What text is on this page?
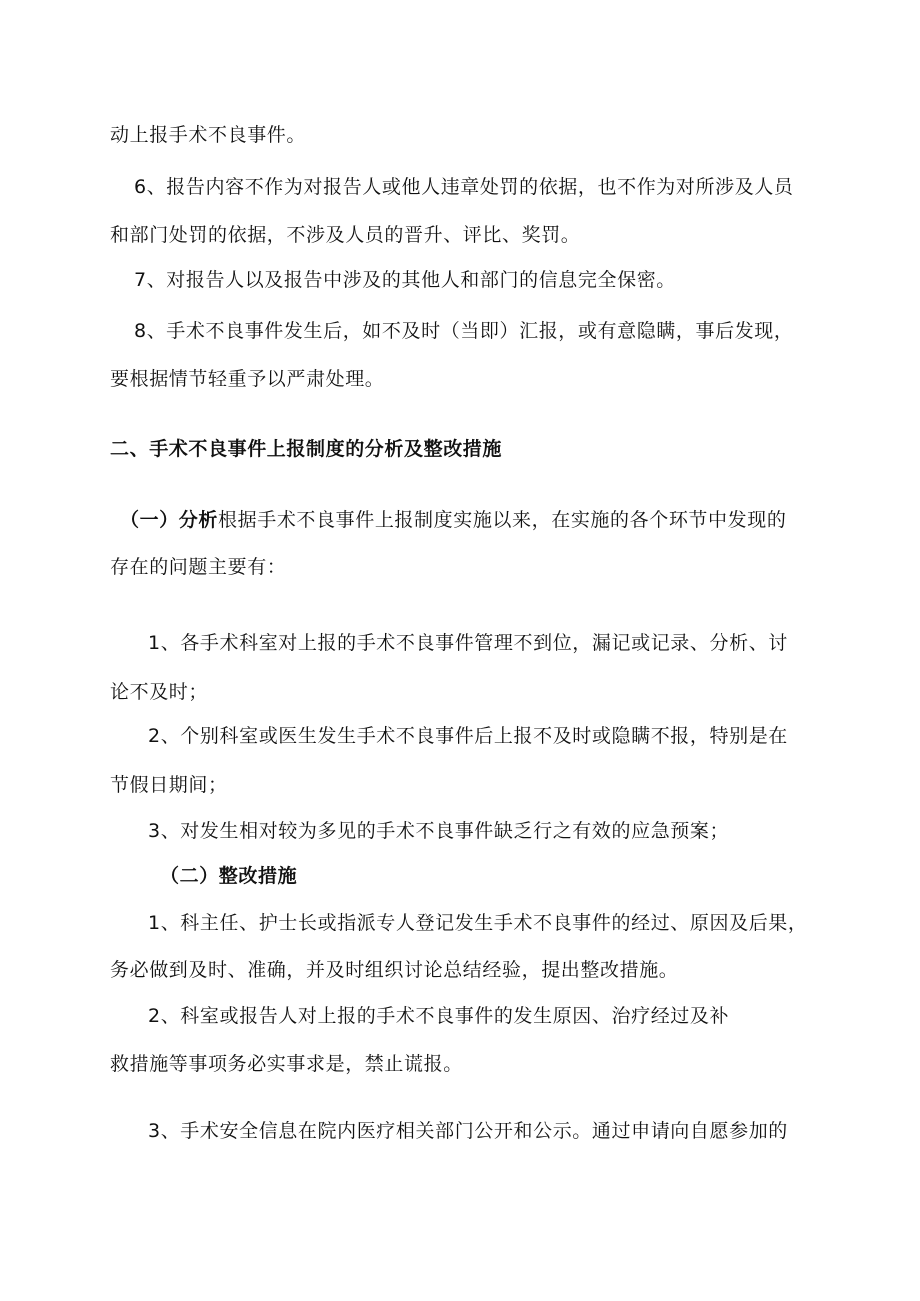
动上报手术不良事件。
6、报告内容不作为对报告人或他人违章处罚的依据，也不作为对所涉及人员
和部门处罚的依据，不涉及人员的晋升、评比、奖罚。
7、对报告人以及报告中涉及的其他人和部门的信息完全保密。
8、手术不良事件发生后，如不及时（当即）汇报，或有意隐瞒，事后发现，
要根据情节轻重予以严肃处理。
二、手术不良事件上报制度的分析及整改措施
（一）分析根据手术不良事件上报制度实施以来，在实施的各个环节中发现的
存在的问题主要有：
1、各手术科室对上报的手术不良事件管理不到位，漏记或记录、分析、讨
论不及时；
2、个别科室或医生发生手术不良事件后上报不及时或隐瞒不报，特别是在
节假日期间；
3、对发生相对较为多见的手术不良事件缺乏行之有效的应急预案；
（二）整改措施
1、科主任、护士长或指派专人登记发生手术不良事件的经过、原因及后果，
务必做到及时、准确，并及时组织讨论总结经验，提出整改措施。
2、科室或报告人对上报的手术不良事件的发生原因、治疗经过及补
救措施等事项务必实事求是，禁止谎报。
3、手术安全信息在院内医疗相关部门公开和公示。通过申请向自愿参加的
